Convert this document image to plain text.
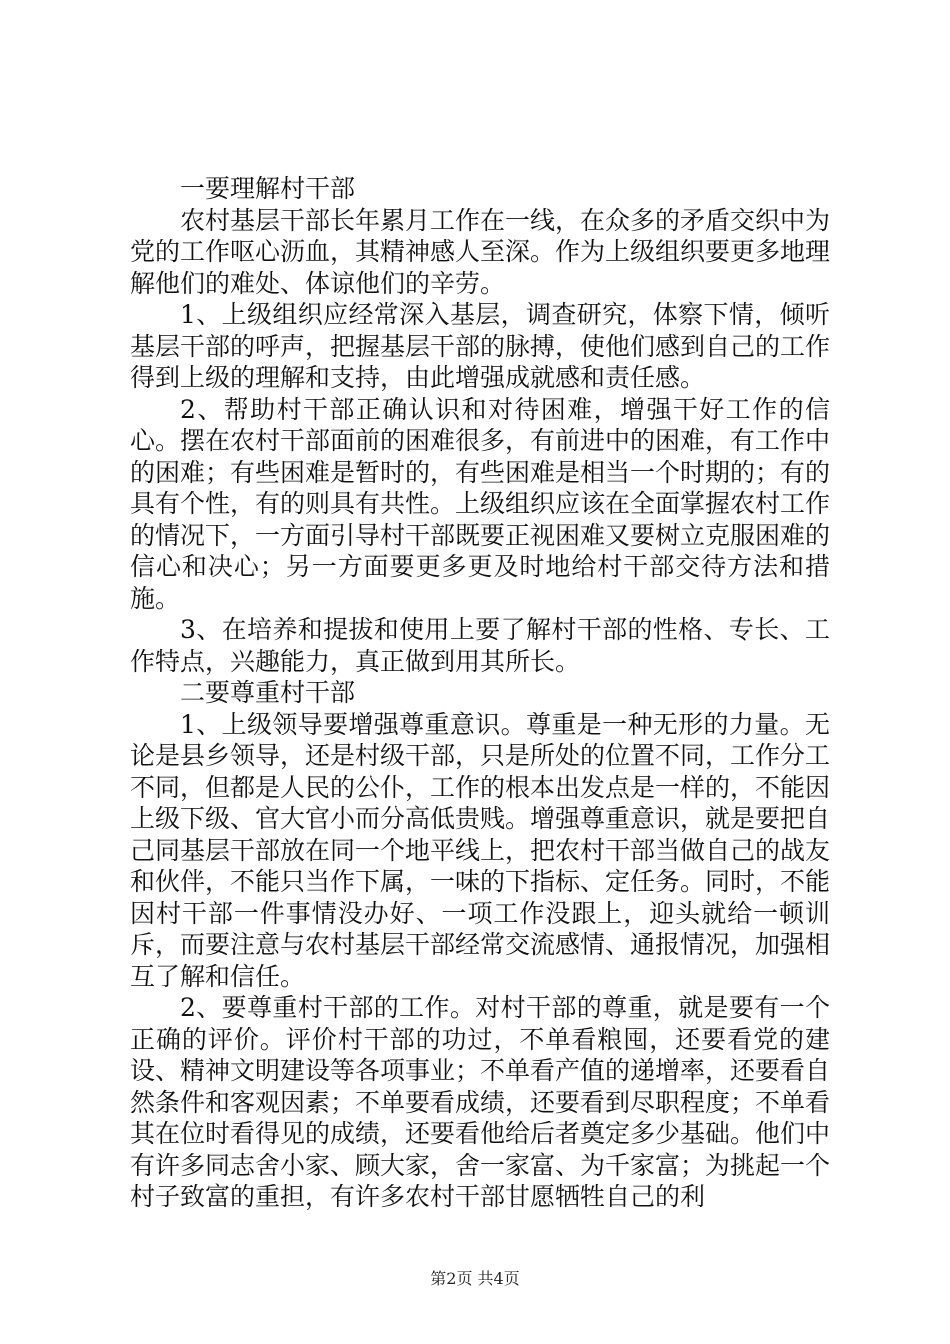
一要理解村干部

农村基层干部长年累月工作在一线，在众多的矛盾交织中为党的工作呕心沥血，其精神感人至深。作为上级组织要更多地理解他们的难处、体谅他们的辛劳。

1、上级组织应经常深入基层，调查研究，体察下情，倾听基层干部的呼声，把握基层干部的脉搏，使他们感到自己的工作得到上级的理解和支持，由此增强成就感和责任感。

2、帮助村干部正确认识和对待困难，增强干好工作的信心。摆在农村干部面前的困难很多，有前进中的困难，有工作中的困难；有些困难是暂时的，有些困难是相当一个时期的；有的具有个性，有的则具有共性。上级组织应该在全面掌握农村工作的情况下，一方面引导村干部既要正视困难又要树立克服困难的信心和决心；另一方面要更多更及时地给村干部交待方法和措施。

3、在培养和提拔和使用上要了解村干部的性格、专长、工作特点，兴趣能力，真正做到用其所长。

二要尊重村干部

1、上级领导要增强尊重意识。尊重是一种无形的力量。无论是县乡领导，还是村级干部，只是所处的位置不同，工作分工不同，但都是人民的公仆，工作的根本出发点是一样的，不能因上级下级、官大官小而分高低贵贱。增强尊重意识，就是要把自己同基层干部放在同一个地平线上，把农村干部当做自己的战友和伙伴，不能只当作下属，一味的下指标、定任务。同时，不能因村干部一件事情没办好、一项工作没跟上，迎头就给一顿训斥，而要注意与农村基层干部经常交流感情、通报情况，加强相互了解和信任。

2、要尊重村干部的工作。对村干部的尊重，就是要有一个正确的评价。评价村干部的功过，不单看粮囤，还要看党的建设、精神文明建设等各项事业；不单看产值的递增率，还要看自然条件和客观因素；不单要看成绩，还要看到尽职程度；不单看其在位时看得见的成绩，还要看他给后者奠定多少基础。他们中有许多同志舍小家、顾大家，舍一家富、为千家富；为挑起一个村子致富的重担，有许多农村干部甘愿牺牲自己的利

第2页 共4页
